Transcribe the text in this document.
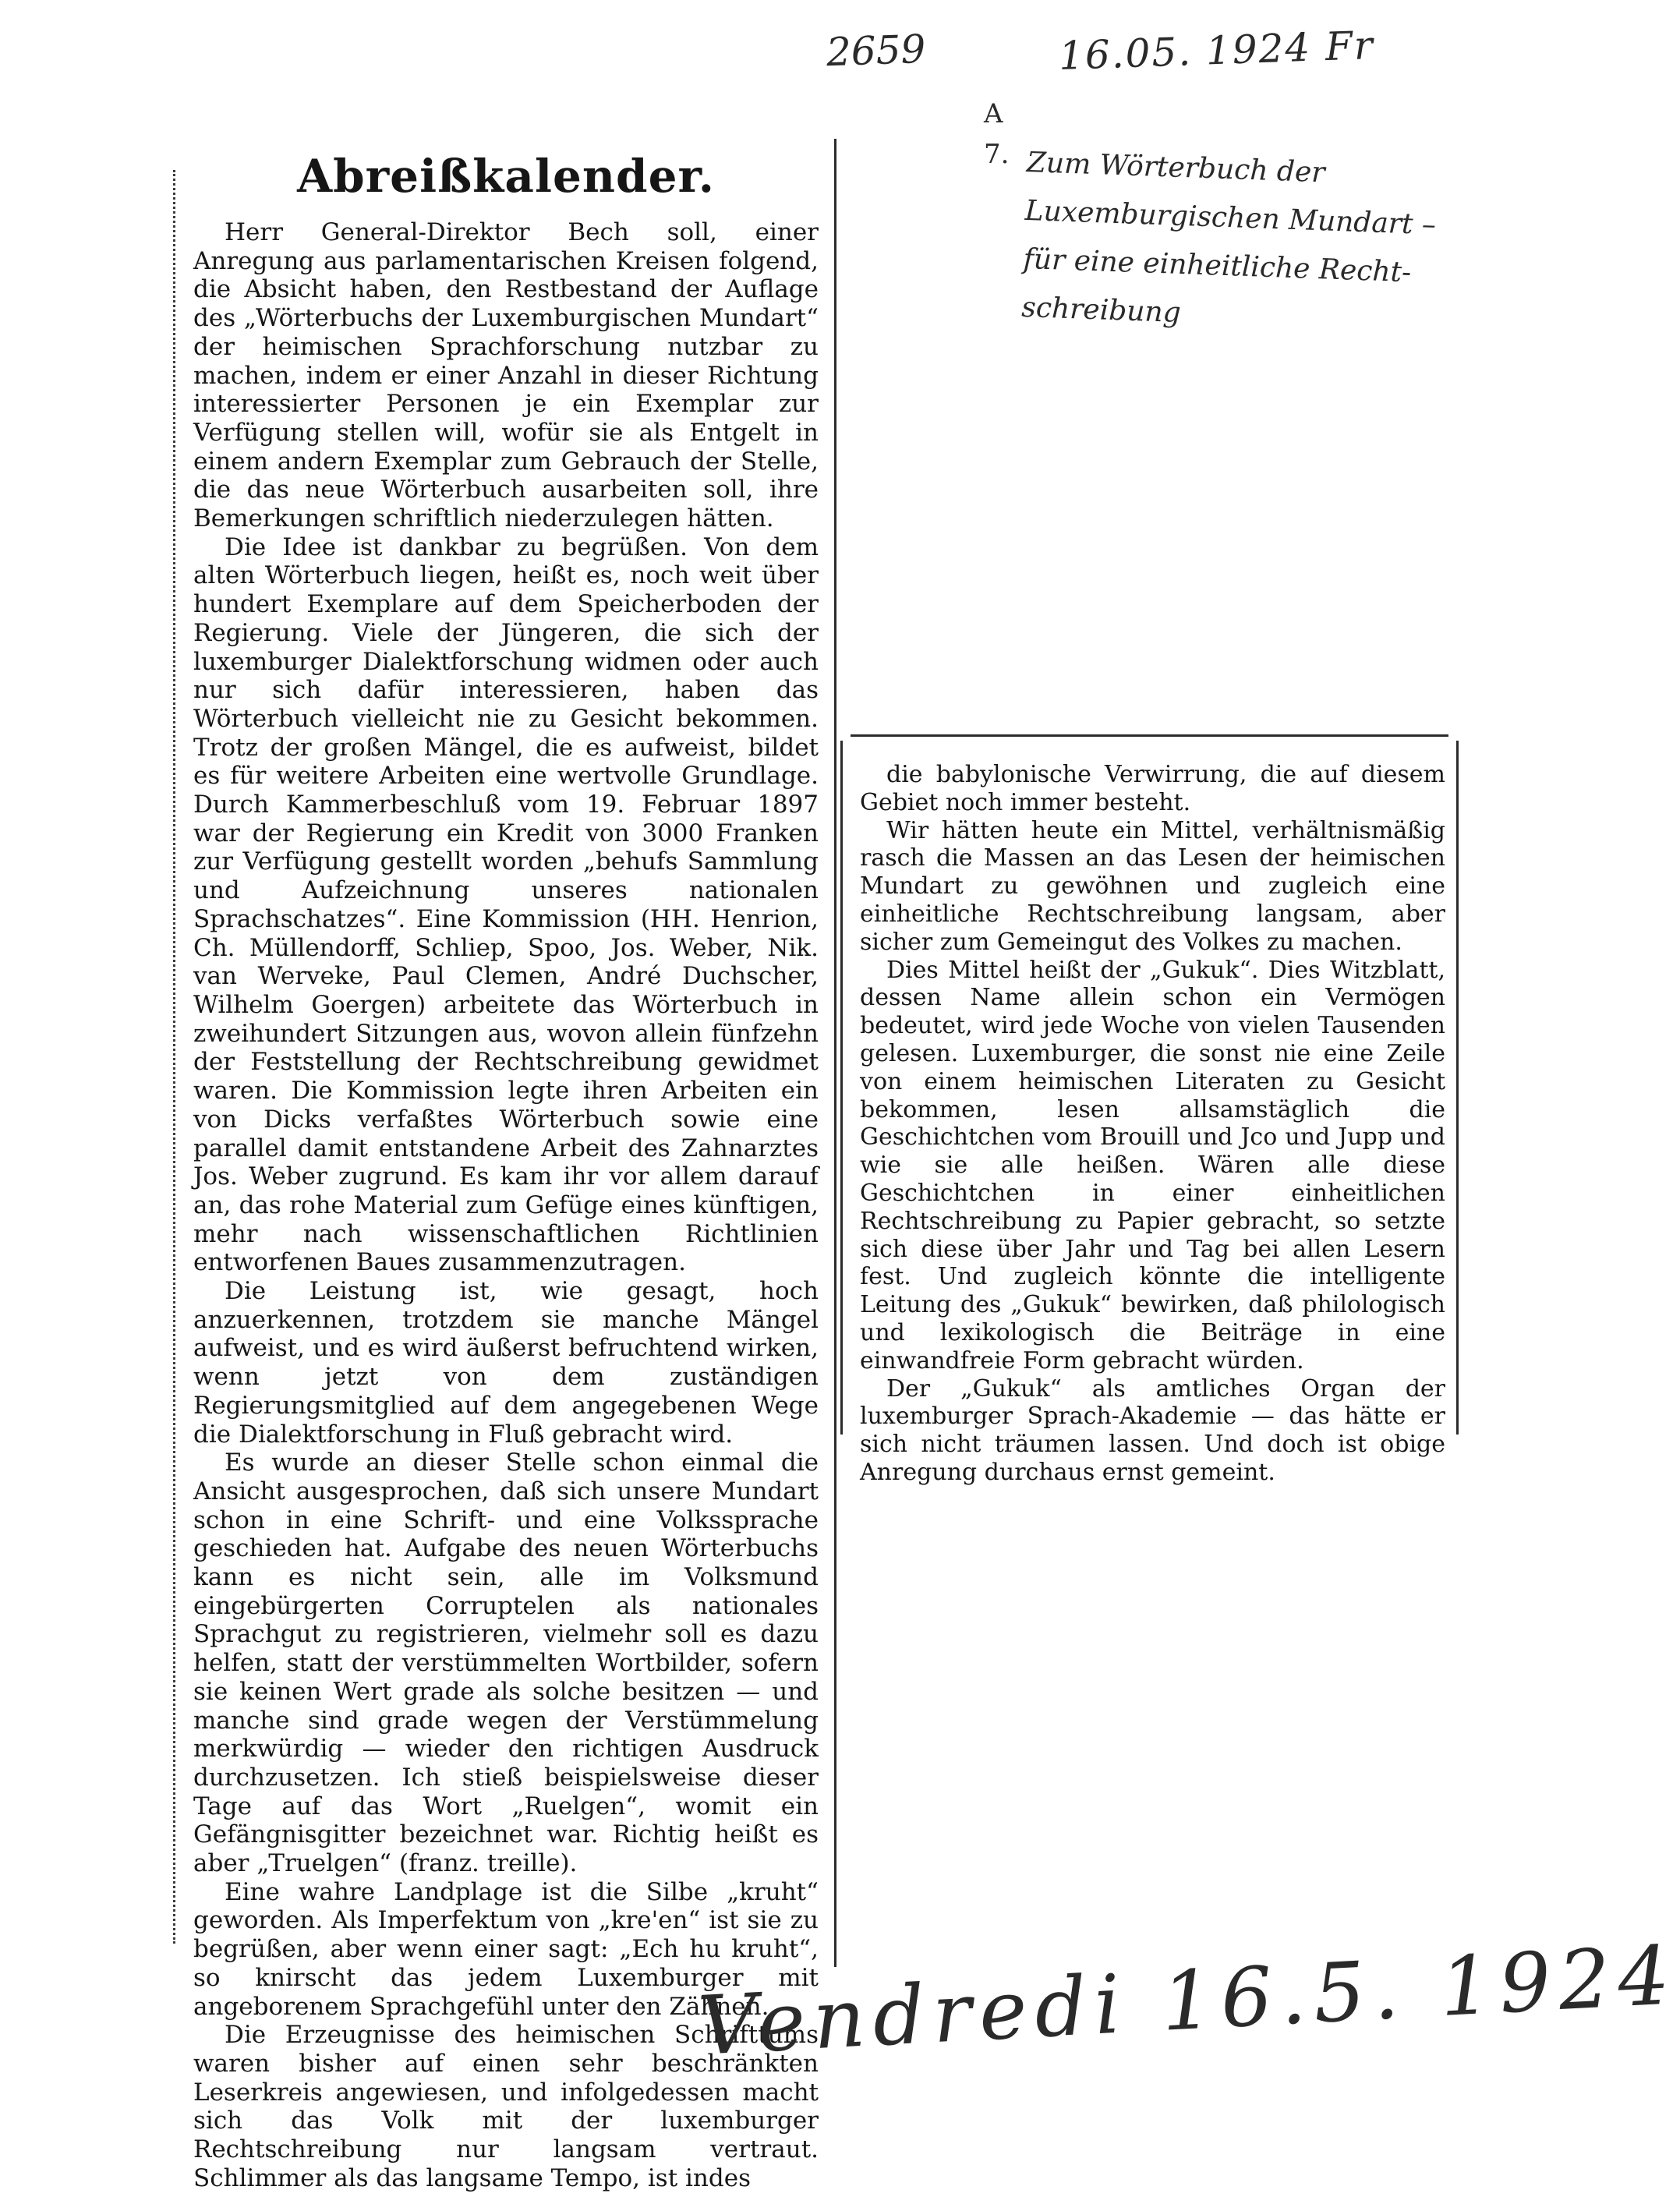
2659	16.05. 1924 Fr
A
7. Zum Wörterbuch der
Luxemburgischen Mundart –
für eine einheitliche Recht-
schreibung
Abreißkalender.

Herr General-Direktor Bech soll, einer Anregung aus parlamentarischen Kreisen folgend, die Absicht haben, den Restbestand der Auflage des „Wörterbuchs der Luxemburgischen Mundart“ der heimischen Sprachforschung nutzbar zu machen, indem er einer Anzahl in dieser Richtung interessierter Personen je ein Exemplar zur Verfügung stellen will, wofür sie als Entgelt in einem andern Exemplar zum Gebrauch der Stelle, die das neue Wörterbuch ausarbeiten soll, ihre Bemerkungen schriftlich niederzulegen hätten.

Die Idee ist dankbar zu begrüßen. Von dem alten Wörterbuch liegen, heißt es, noch weit über hundert Exemplare auf dem Speicherboden der Regierung. Viele der Jüngeren, die sich der luxemburger Dialektforschung widmen oder auch nur sich dafür interessieren, haben das Wörterbuch vielleicht nie zu Gesicht bekommen. Trotz der großen Mängel, die es aufweist, bildet es für weitere Arbeiten eine wertvolle Grundlage. Durch Kammerbeschluß vom 19. Februar 1897 war der Regierung ein Kredit von 3000 Franken zur Verfügung gestellt worden „behufs Sammlung und Aufzeichnung unseres nationalen Sprachschatzes“. Eine Kommission (HH. Henrion, Ch. Müllendorff, Schliep, Spoo, Jos. Weber, Nik. van Werveke, Paul Clemen, André Duchscher, Wilhelm Goergen) arbeitete das Wörterbuch in zweihundert Sitzungen aus, wovon allein fünfzehn der Feststellung der Rechtschreibung gewidmet waren. Die Kommission legte ihren Arbeiten ein von Dicks verfaßtes Wörterbuch sowie eine parallel damit entstandene Arbeit des Zahnarztes Jos. Weber zugrund. Es kam ihr vor allem darauf an, das rohe Material zum Gefüge eines künftigen, mehr nach wissenschaftlichen Richtlinien entworfenen Baues zusammenzutragen.

Die Leistung ist, wie gesagt, hoch anzuerkennen, trotzdem sie manche Mängel aufweist, und es wird äußerst befruchtend wirken, wenn jetzt von dem zuständigen Regierungsmitglied auf dem angegebenen Wege die Dialektforschung in Fluß gebracht wird.

Es wurde an dieser Stelle schon einmal die Ansicht ausgesprochen, daß sich unsere Mundart schon in eine Schrift- und eine Volkssprache geschieden hat. Aufgabe des neuen Wörterbuchs kann es nicht sein, alle im Volksmund eingebürgerten Corruptelen als nationales Sprachgut zu registrieren, vielmehr soll es dazu helfen, statt der verstümmelten Wortbilder, sofern sie keinen Wert grade als solche besitzen — und manche sind grade wegen der Verstümmelung merkwürdig — wieder den richtigen Ausdruck durchzusetzen. Ich stieß beispielsweise dieser Tage auf das Wort „Ruelgen“, womit ein Gefängnisgitter bezeichnet war. Richtig heißt es aber „Truelgen“ (franz. treille).

Eine wahre Landplage ist die Silbe „kruht“ geworden. Als Imperfektum von „kre'en“ ist sie zu begrüßen, aber wenn einer sagt: „Ech hu kruht“, so knirscht das jedem Luxemburger mit angeborenem Sprachgefühl unter den Zähnen.

Die Erzeugnisse des heimischen Schrifttums waren bisher auf einen sehr beschränkten Leserkreis angewiesen, und infolgedessen macht sich das Volk mit der luxemburger Rechtschreibung nur langsam vertraut. Schlimmer als das langsame Tempo, ist indes

die babylonische Verwirrung, die auf diesem Gebiet noch immer besteht.

Wir hätten heute ein Mittel, verhältnismäßig rasch die Massen an das Lesen der heimischen Mundart zu gewöhnen und zugleich eine einheitliche Rechtschreibung langsam, aber sicher zum Gemeingut des Volkes zu machen.

Dies Mittel heißt der „Gukuk“. Dies Witzblatt, dessen Name allein schon ein Vermögen bedeutet, wird jede Woche von vielen Tausenden gelesen. Luxemburger, die sonst nie eine Zeile von einem heimischen Literaten zu Gesicht bekommen, lesen allsamstäglich die Geschichtchen vom Brouill und Jco und Jupp und wie sie alle heißen. Wären alle diese Geschichtchen in einer einheitlichen Rechtschreibung zu Papier gebracht, so setzte sich diese über Jahr und Tag bei allen Lesern fest. Und zugleich könnte die intelligente Leitung des „Gukuk“ bewirken, daß philologisch und lexikologisch die Beiträge in eine einwandfreie Form gebracht würden.

Der „Gukuk“ als amtliches Organ der luxemburger Sprach-Akademie — das hätte er sich nicht träumen lassen. Und doch ist obige Anregung durchaus ernst gemeint.

Vendredi 16.5. 1924
